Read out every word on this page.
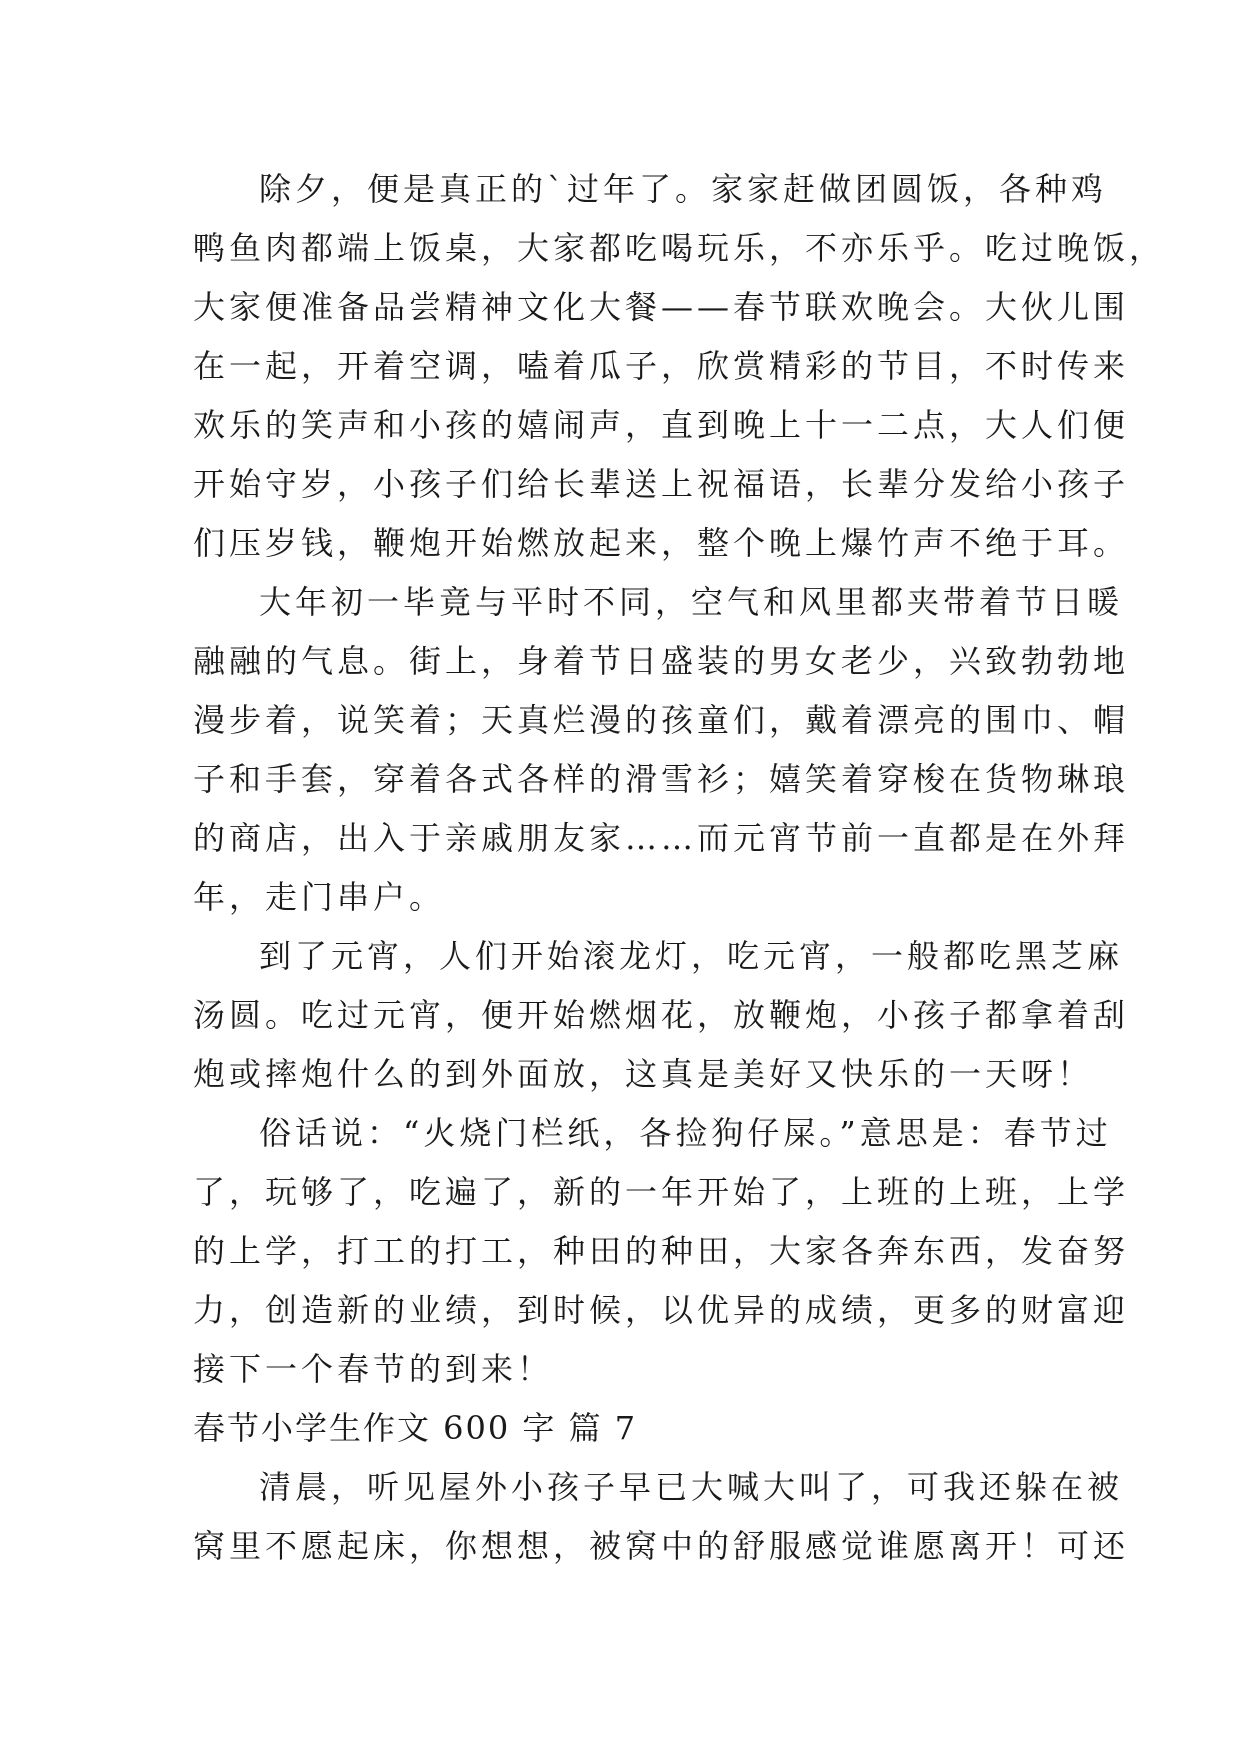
除夕，便是真正的`过年了。家家赶做团圆饭，各种鸡
鸭鱼肉都端上饭桌，大家都吃喝玩乐，不亦乐乎。吃过晚饭，
大家便准备品尝精神文化大餐——春节联欢晚会。大伙儿围
在一起，开着空调，嗑着瓜子，欣赏精彩的节目，不时传来
欢乐的笑声和小孩的嬉闹声，直到晚上十一二点，大人们便
开始守岁，小孩子们给长辈送上祝福语，长辈分发给小孩子
们压岁钱，鞭炮开始燃放起来，整个晚上爆竹声不绝于耳。
大年初一毕竟与平时不同，空气和风里都夹带着节日暖
融融的气息。街上，身着节日盛装的男女老少，兴致勃勃地
漫步着，说笑着；天真烂漫的孩童们，戴着漂亮的围巾、帽
子和手套，穿着各式各样的滑雪衫；嬉笑着穿梭在货物琳琅
的商店，出入于亲戚朋友家……而元宵节前一直都是在外拜
年，走门串户。
到了元宵，人们开始滚龙灯，吃元宵，一般都吃黑芝麻
汤圆。吃过元宵，便开始燃烟花，放鞭炮，小孩子都拿着刮
炮或摔炮什么的到外面放，这真是美好又快乐的一天呀！
俗话说：“火烧门栏纸，各捡狗仔屎。”意思是：春节过
了，玩够了，吃遍了，新的一年开始了，上班的上班，上学
的上学，打工的打工，种田的种田，大家各奔东西，发奋努
力，创造新的业绩，到时候，以优异的成绩，更多的财富迎
接下一个春节的到来！
春节小学生作文 600 字 篇 7
清晨，听见屋外小孩子早已大喊大叫了，可我还躲在被
窝里不愿起床，你想想，被窝中的舒服感觉谁愿离开！可还
